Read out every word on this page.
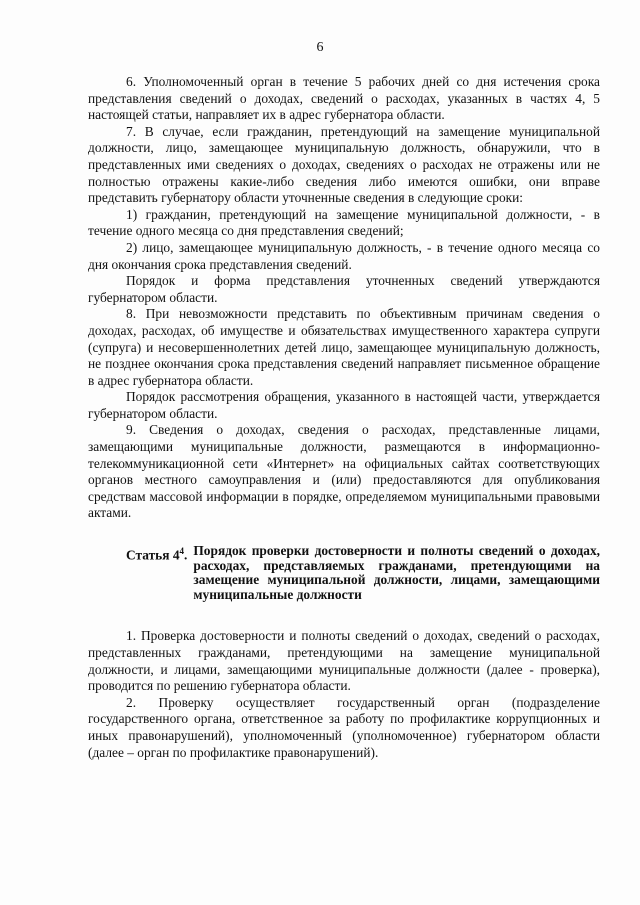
6

6. Уполномоченный орган в течение 5 рабочих дней со дня истечения срока представления сведений о доходах, сведений о расходах, указанных в частях 4, 5 настоящей статьи, направляет их в адрес губернатора области.

7. В случае, если гражданин, претендующий на замещение муниципальной должности, лицо, замещающее муниципальную должность, обнаружили, что в представленных ими сведениях о доходах, сведениях о расходах не отражены или не полностью отражены какие-либо сведения либо имеются ошибки, они вправе представить губернатору области уточненные сведения в следующие сроки:

1) гражданин, претендующий на замещение муниципальной должности, - в течение одного месяца со дня представления сведений;

2) лицо, замещающее муниципальную должность, - в течение одного месяца со дня окончания срока представления сведений.

Порядок и форма представления уточненных сведений утверждаются губернатором области.

8. При невозможности представить по объективным причинам сведения о доходах, расходах, об имуществе и обязательствах имущественного характера супруги (супруга) и несовершеннолетних детей лицо, замещающее муниципальную должность, не позднее окончания срока представления сведений направляет письменное обращение в адрес губернатора области.

Порядок рассмотрения обращения, указанного в настоящей части, утверждается губернатором области.

9. Сведения о доходах, сведения о расходах, представленные лицами, замещающими муниципальные должности, размещаются в информационно-телекоммуникационной сети «Интернет» на официальных сайтах соответствующих органов местного самоуправления и (или) предоставляются для опубликования средствам массовой информации в порядке, определяемом муниципальными правовыми актами.

Статья $4^4$. Порядок проверки достоверности и полноты сведений о доходах, расходах, представляемых гражданами, претендующими на замещение муниципальной должности, лицами, замещающими муниципальные должности

1. Проверка достоверности и полноты сведений о доходах, сведений о расходах, представленных гражданами, претендующими на замещение муниципальной должности, и лицами, замещающими муниципальные должности (далее - проверка), проводится по решению губернатора области.

2. Проверку осуществляет государственный орган (подразделение государственного органа, ответственное за работу по профилактике коррупционных и иных правонарушений), уполномоченный (уполномоченное) губернатором области (далее – орган по профилактике правонарушений).
